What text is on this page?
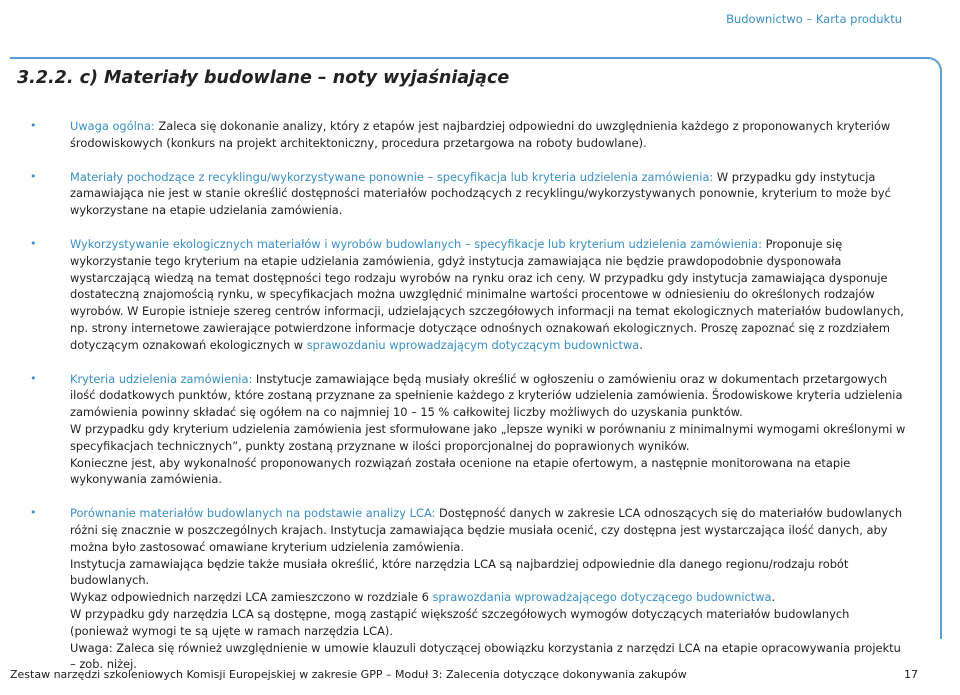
Budownictwo – Karta produktu
3.2.2. c) Materiały budowlane – noty wyjaśniające
•	Uwaga ogólna: Zaleca się dokonanie analizy, który z etapów jest najbardziej odpowiedni do uwzględnienia każdego z proponowanych kryteriów środowiskowych (konkurs na projekt architektoniczny, procedura przetargowa na roboty budowlane).
•	Materiały pochodzące z recyklingu/wykorzystywane ponownie – specyfikacja lub kryteria udzielenia zamówienia: W przypadku gdy instytucja zamawiająca nie jest w stanie określić dostępności materiałów pochodzących z recyklingu/wykorzystywanych ponownie, kryterium to może być wykorzystane na etapie udzielania zamówienia.
•	Wykorzystywanie ekologicznych materiałów i wyrobów budowlanych – specyfikacje lub kryterium udzielenia zamówienia: Proponuje się wykorzystanie tego kryterium na etapie udzielania zamówienia, gdyż instytucja zamawiająca nie będzie prawdopodobnie dysponowała wystarczającą wiedzą na temat dostępności tego rodzaju wyrobów na rynku oraz ich ceny. W przypadku gdy instytucja zamawiająca dysponuje dostateczną znajomością rynku, w specyfikacjach można uwzględnić minimalne wartości procentowe w odniesieniu do określonych rodzajów wyrobów. W Europie istnieje szereg centrów informacji, udzielających szczegółowych informacji na temat ekologicznych materiałów budowlanych, np. strony internetowe zawierające potwierdzone informacje dotyczące odnośnych oznakowań ekologicznych. Proszę zapoznać się z rozdziałem dotyczącym oznakowań ekologicznych w sprawozdaniu wprowadzającym dotyczącym budownictwa.
•	Kryteria udzielenia zamówienia: Instytucje zamawiające będą musiały określić w ogłoszeniu o zamówieniu oraz w dokumentach przetargowych ilość dodatkowych punktów, które zostaną przyznane za spełnienie każdego z kryteriów udzielenia zamówienia. Środowiskowe kryteria udzielenia zamówienia powinny składać się ogółem na co najmniej 10 – 15 % całkowitej liczby możliwych do uzyskania punktów.

W przypadku gdy kryterium udzielenia zamówienia jest sformułowane jako „lepsze wyniki w porównaniu z minimalnymi wymogami określonymi w specyfikacjach technicznych”, punkty zostaną przyznane w ilości proporcjonalnej do poprawionych wyników.

Konieczne jest, aby wykonalność proponowanych rozwiązań została ocenione na etapie ofertowym, a następnie monitorowana na etapie wykonywania zamówienia.

•	Porównanie materiałów budowlanych na podstawie analizy LCA: Dostępność danych w zakresie LCA odnoszących się do materiałów budowlanych różni się znacznie w poszczególnych krajach. Instytucja zamawiająca będzie musiała ocenić, czy dostępna jest wystarczająca ilość danych, aby można było zastosować omawiane kryterium udzielenia zamówienia.

Instytucja zamawiająca będzie także musiała określić, które narzędzia LCA są najbardziej odpowiednie dla danego regionu/rodzaju robót budowlanych.

Wykaz odpowiednich narzędzi LCA zamieszczono w rozdziale 6 sprawozdania wprowadzającego dotyczącego budownictwa.

W przypadku gdy narzędzia LCA są dostępne, mogą zastąpić większość szczegółowych wymogów dotyczących materiałów budowlanych (ponieważ wymogi te są ujęte w ramach narzędzia LCA).

Uwaga: Zaleca się również uwzględnienie w umowie klauzuli dotyczącej obowiązku korzystania z narzędzi LCA na etapie opracowywania projektu – zob. niżej.

Zestaw narzędzi szkoleniowych Komisji Europejskiej w zakresie GPP – Moduł 3: Zalecenia dotyczące dokonywania zakupów	17
